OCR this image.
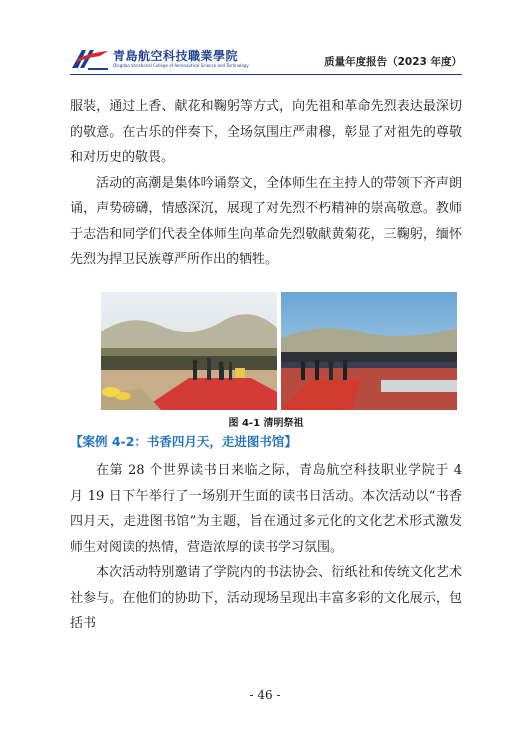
青島航空科技職業學院
Qingdao Vocational College of Aeronautical Science and Technology	质量年度报告（2023 年度）

服装，通过上香、献花和鞠躬等方式，向先祖和革命先烈表达最深切的敬意。在古乐的伴奏下，全场氛围庄严肃穆，彰显了对祖先的尊敬和对历史的敬畏。

活动的高潮是集体吟诵祭文，全体师生在主持人的带领下齐声朗诵，声势磅礴，情感深沉，展现了对先烈不朽精神的崇高敬意。教师于志浩和同学们代表全体师生向革命先烈敬献黄菊花，三鞠躬，缅怀先烈为捍卫民族尊严所作出的牺牲。

图 4-1 清明祭祖
【案例 4-2：书香四月天，走进图书馆】

在第 28 个世界读书日来临之际，青岛航空科技职业学院于 4 月 19 日下午举行了一场别开生面的读书日活动。本次活动以“书香四月天，走进图书馆”为主题，旨在通过多元化的文化艺术形式激发师生对阅读的热情，营造浓厚的读书学习氛围。

本次活动特别邀请了学院内的书法协会、衍纸社和传统文化艺术社参与。在他们的协助下，活动现场呈现出丰富多彩的文化展示，包括书

- 46 -
